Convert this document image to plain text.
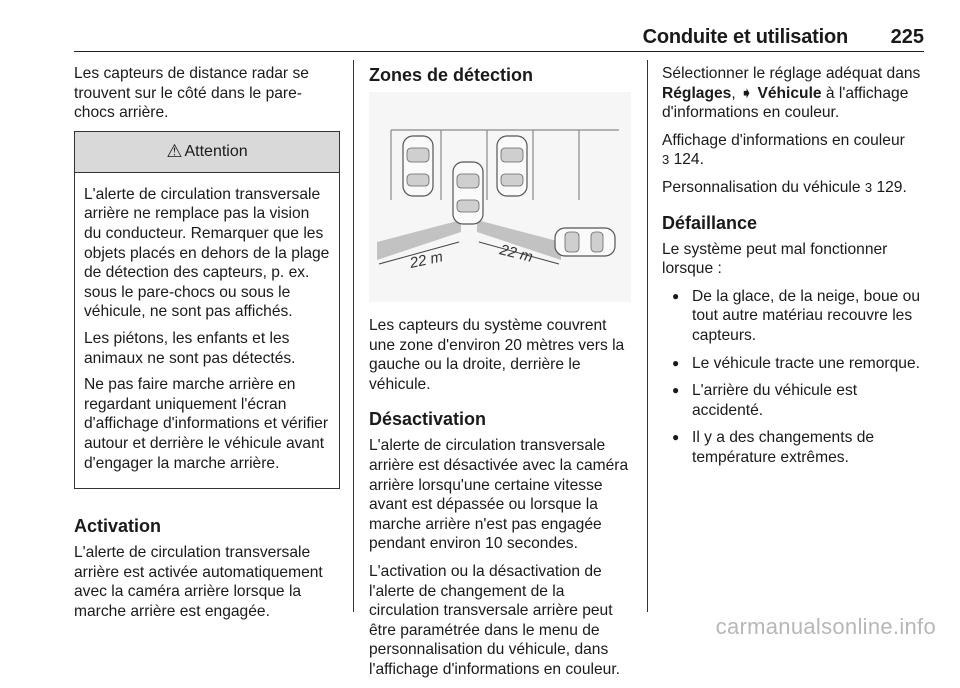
Conduite et utilisation 225

Les capteurs de distance radar se trouvent sur le côté dans le pare-chocs arrière.

⚠ Attention

L'alerte de circulation transversale arrière ne remplace pas la vision du conducteur. Remarquer que les objets placés en dehors de la plage de détection des capteurs, p. ex. sous le pare-chocs ou sous le véhicule, ne sont pas affichés.

Les piétons, les enfants et les animaux ne sont pas détectés.

Ne pas faire marche arrière en regardant uniquement l'écran d'affichage d'informations et vérifier autour et derrière le véhicule avant d'engager la marche arrière.

Activation

L'alerte de circulation transversale arrière est activée automatiquement avec la caméra arrière lorsque la marche arrière est engagée.

Zones de détection
22 m	22 m

Les capteurs du système couvrent une zone d'environ 20 mètres vers la gauche ou la droite, derrière le véhicule.

Désactivation

L'alerte de circulation transversale arrière est désactivée avec la caméra arrière lorsqu'une certaine vitesse avant est dépassée ou lorsque la marche arrière n'est pas engagée pendant environ 10 secondes.

L'activation ou la désactivation de l'alerte de changement de la circulation transversale arrière peut être paramétrée dans le menu de personnalisation du véhicule, dans l'affichage d'informations en couleur.

Sélectionner le réglage adéquat dans Réglages, ➧ Véhicule à l'affichage d'informations en couleur.

Affichage d'informations en couleur
3 124.

Personnalisation du véhicule 3 129.

Défaillance

Le système peut mal fonctionner lorsque :

● De la glace, de la neige, boue ou tout autre matériau recouvre les capteurs.
● Le véhicule tracte une remorque.
● L'arrière du véhicule est accidenté.
● Il y a des changements de température extrêmes.
carmanualsonline.info
